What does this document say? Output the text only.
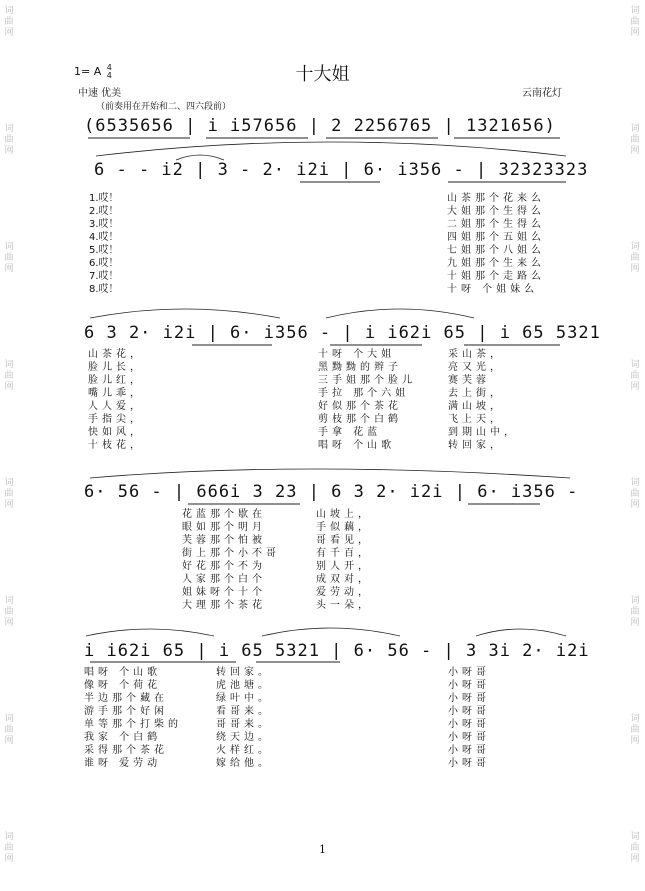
词
曲
网
词
曲
网
词
曲
网
词
曲
网
词
曲
网
词
曲
网
词
曲
网
词
曲
网
词
曲
网
词
曲
网
词
曲
网
词
曲
网
词
曲
网
词
曲
网
词
曲
网
词
曲
网
十大姐
1= A 4
4
中速 优美	云南花灯
（前奏用在开始和二、四六段前）
(6535656 | i i57656 | 2 2256765 | 1321656)
6 - - i2 | 3 - 2· i2i | 6· i356 - | 32323323
6 3 2· i2i | 6· i356 - | i i62i 65 | i 65 5321
6· 56 - | 666i 3 23 | 6 3 2· i2i | 6· i356 -
i i62i 65 | i 65 5321 | 6· 56 - | 3 3i 2· i2i
1.哎！
2.哎！
3.哎！
4.哎！
5.哎！
6.哎！
7.哎！
8.哎！
山茶那个花来么
大姐那个生得么
二姐那个生得么
四姐那个五姐么
七姐那个八姐么
九姐那个生来么
十姐那个走路么
十呀 个姐妹么
山茶花，
脸儿长，
脸儿红，
嘴儿乖，
人人爱，
手指尖，
快如风，
十枝花，
十呀 个大姐
黑黝黝的辫子
三手姐那个脸儿
手拉 那个六姐
好似那个茶花
剪枝那个白鹤
手拿 花蓝
唱呀 个山歌
采山茶，
亮又光，
赛芙蓉
去上街，
满山坡，
飞上天，
到期山中，
转回家，
花蓝那个歇在
眼如那个明月
芙蓉那个怕被
街上那个小不哥
好花那个不为
人家那个白个
姐妹呀个十个
大理那个茶花
山坡上，
手似藕，
哥看见，
有千百，
别人开，
成双对，
爱劳动，
头一朵，
唱呀 个山歌
像呀 个荷花
半边那个藏在
游手那个好闲
单等那个打柴的
我家 个白鹤
采得那个茶花
谁呀 爱劳动
转回家。
虎池塘。
绿叶中。
看哥来。
哥哥来。
绕天边。
火样红。
嫁给他。
小呀哥
小呀哥
小呀哥
小呀哥
小呀哥
小呀哥
小呀哥
小呀哥
1
